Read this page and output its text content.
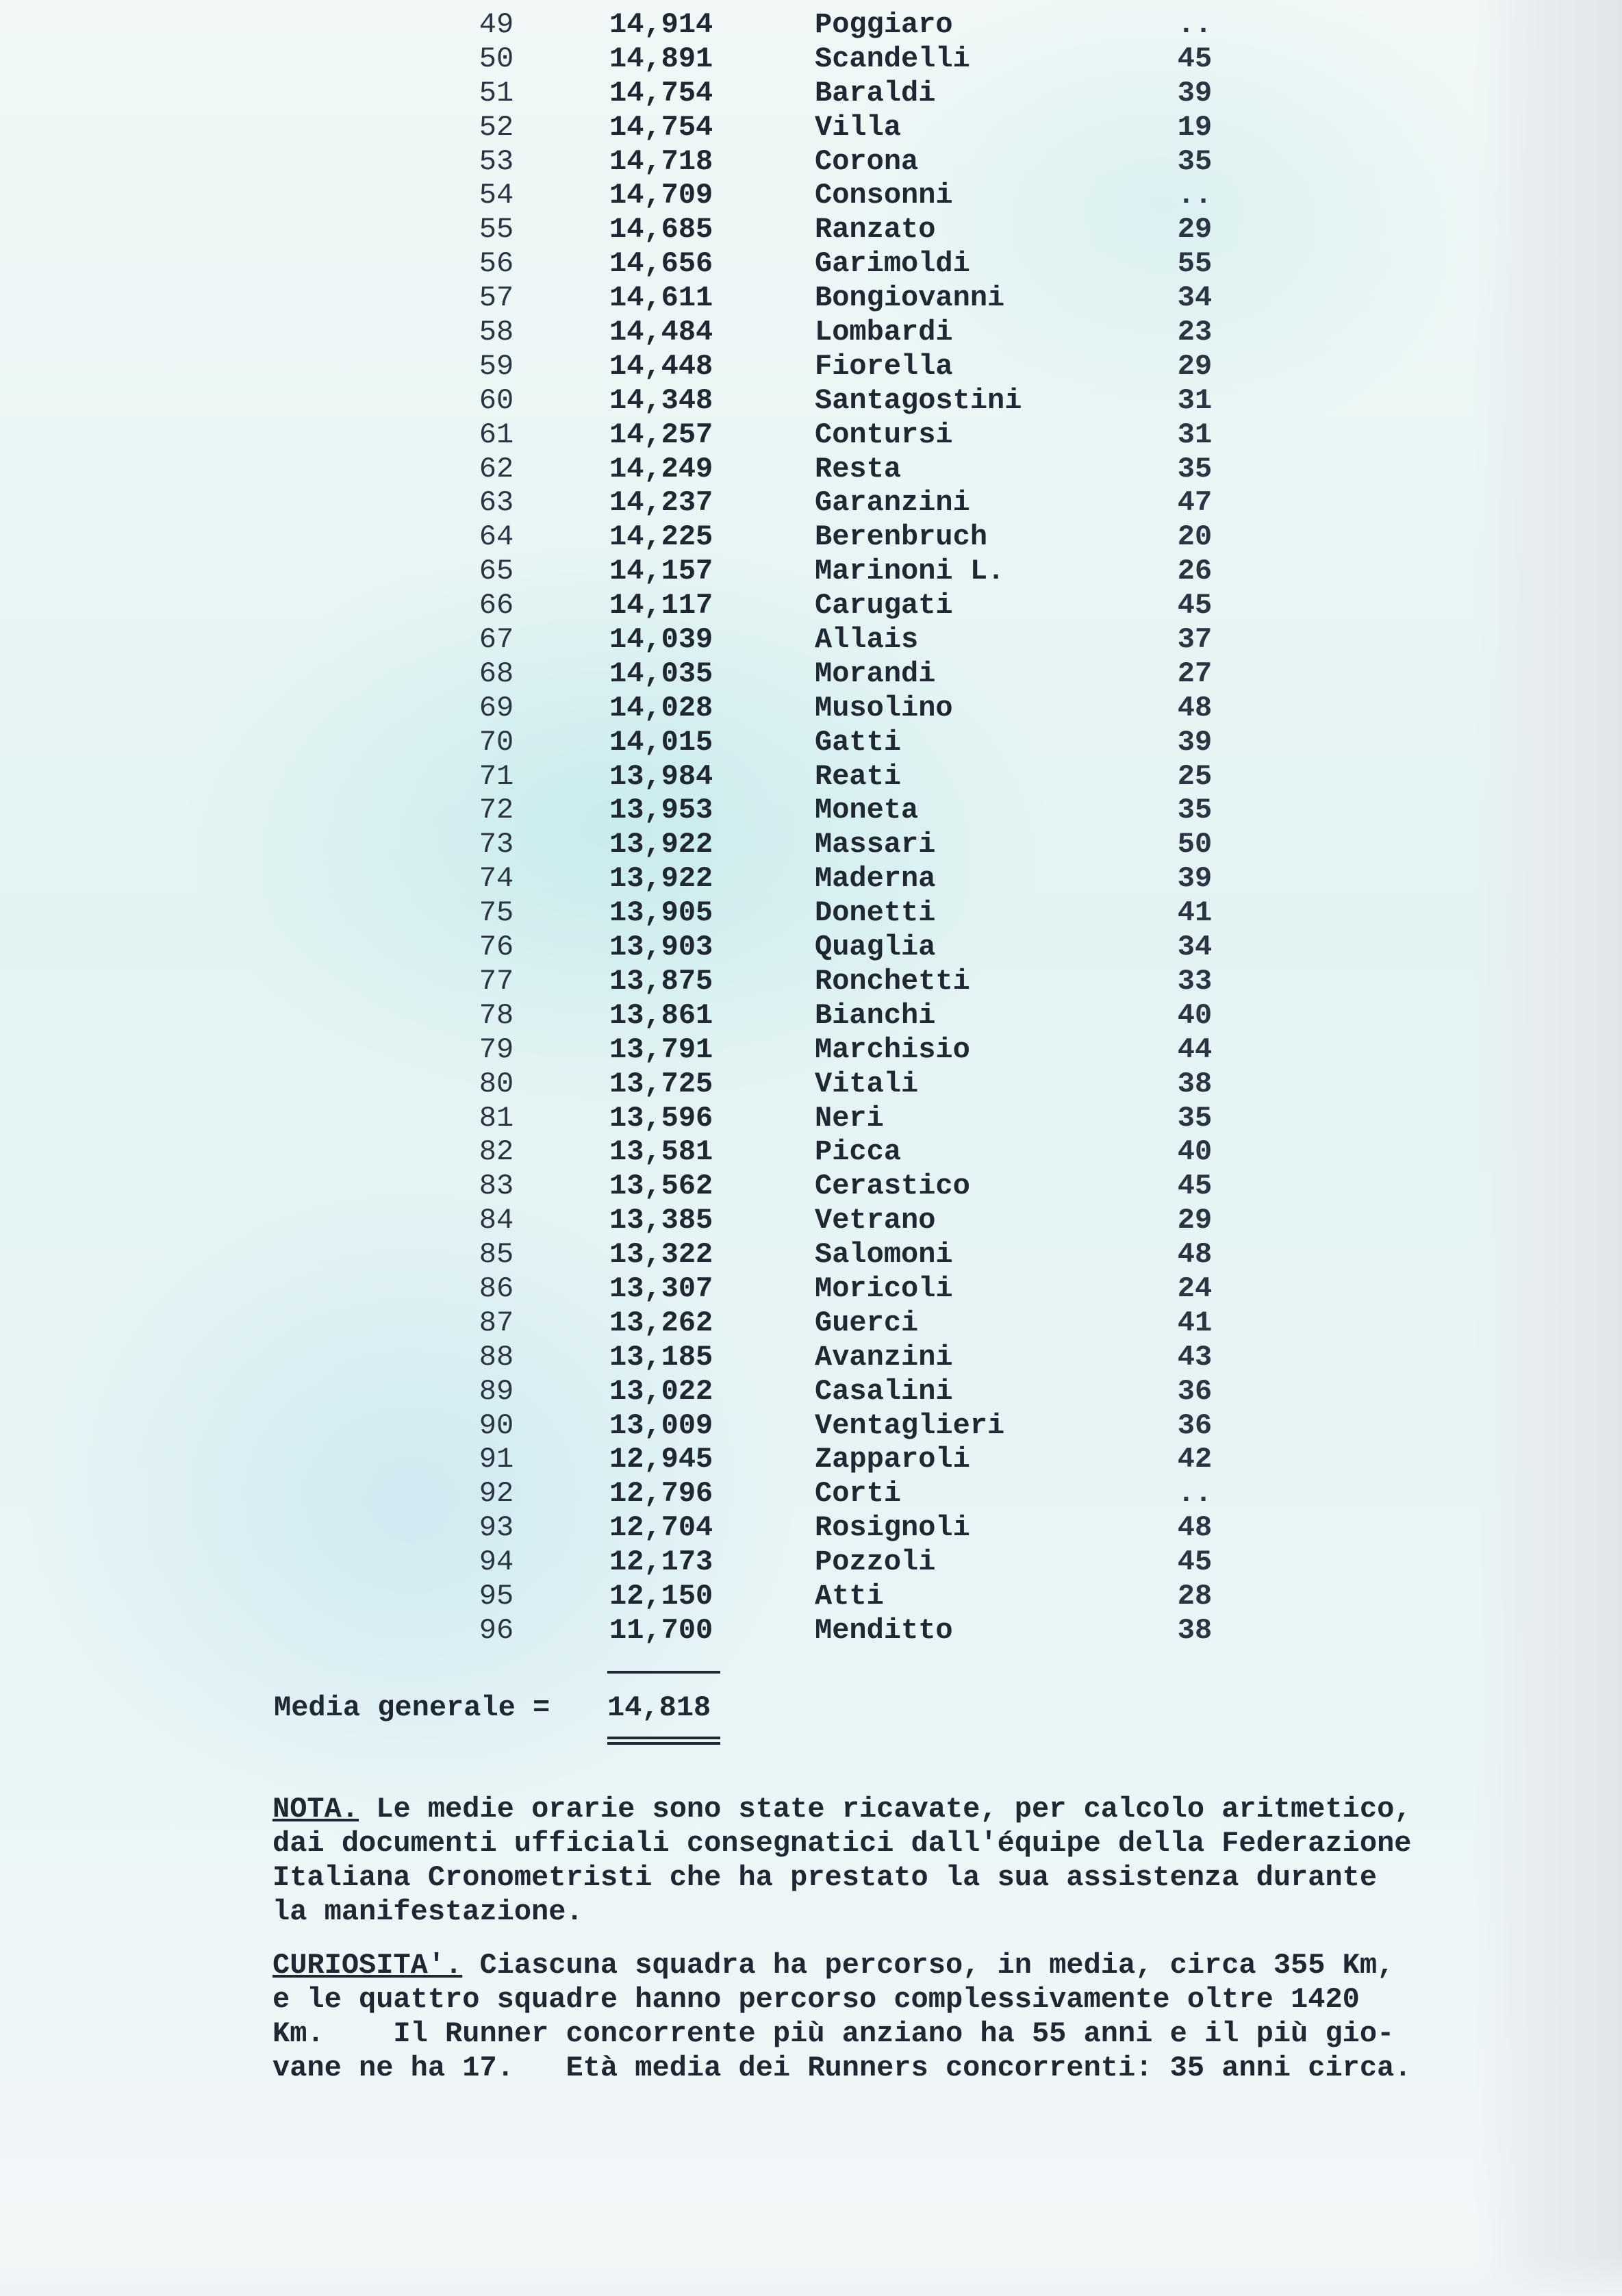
49	14,914	Poggiaro	..
50	14,891	Scandelli	45
51	14,754	Baraldi	39
52	14,754	Villa	19
53	14,718	Corona	35
54	14,709	Consonni	..
55	14,685	Ranzato	29
56	14,656	Garimoldi	55
57	14,611	Bongiovanni	34
58	14,484	Lombardi	23
59	14,448	Fiorella	29
60	14,348	Santagostini	31
61	14,257	Contursi	31
62	14,249	Resta	35
63	14,237	Garanzini	47
64	14,225	Berenbruch	20
65	14,157	Marinoni L.	26
66	14,117	Carugati	45
67	14,039	Allais	37
68	14,035	Morandi	27
69	14,028	Musolino	48
70	14,015	Gatti	39
71	13,984	Reati	25
72	13,953	Moneta	35
73	13,922	Massari	50
74	13,922	Maderna	39
75	13,905	Donetti	41
76	13,903	Quaglia	34
77	13,875	Ronchetti	33
78	13,861	Bianchi	40
79	13,791	Marchisio	44
80	13,725	Vitali	38
81	13,596	Neri	35
82	13,581	Picca	40
83	13,562	Cerastico	45
84	13,385	Vetrano	29
85	13,322	Salomoni	48
86	13,307	Moricoli	24
87	13,262	Guerci	41
88	13,185	Avanzini	43
89	13,022	Casalini	36
90	13,009	Ventaglieri	36
91	12,945	Zapparoli	42
92	12,796	Corti	..
93	12,704	Rosignoli	48
94	12,173	Pozzoli	45
95	12,150	Atti	28
96	11,700	Menditto	38
Media generale = 14,818
NOTA. Le medie orarie sono state ricavate, per calcolo aritmetico,
dai documenti ufficiali consegnatici dall'équipe della Federazione
Italiana Cronometristi che ha prestato la sua assistenza durante
la manifestazione.
CURIOSITA'. Ciascuna squadra ha percorso, in media, circa 355 Km,
e le quattro squadre hanno percorso complessivamente oltre 1420
Km.    Il Runner concorrente più anziano ha 55 anni e il più gio-
vane ne ha 17.   Età media dei Runners concorrenti: 35 anni circa.
